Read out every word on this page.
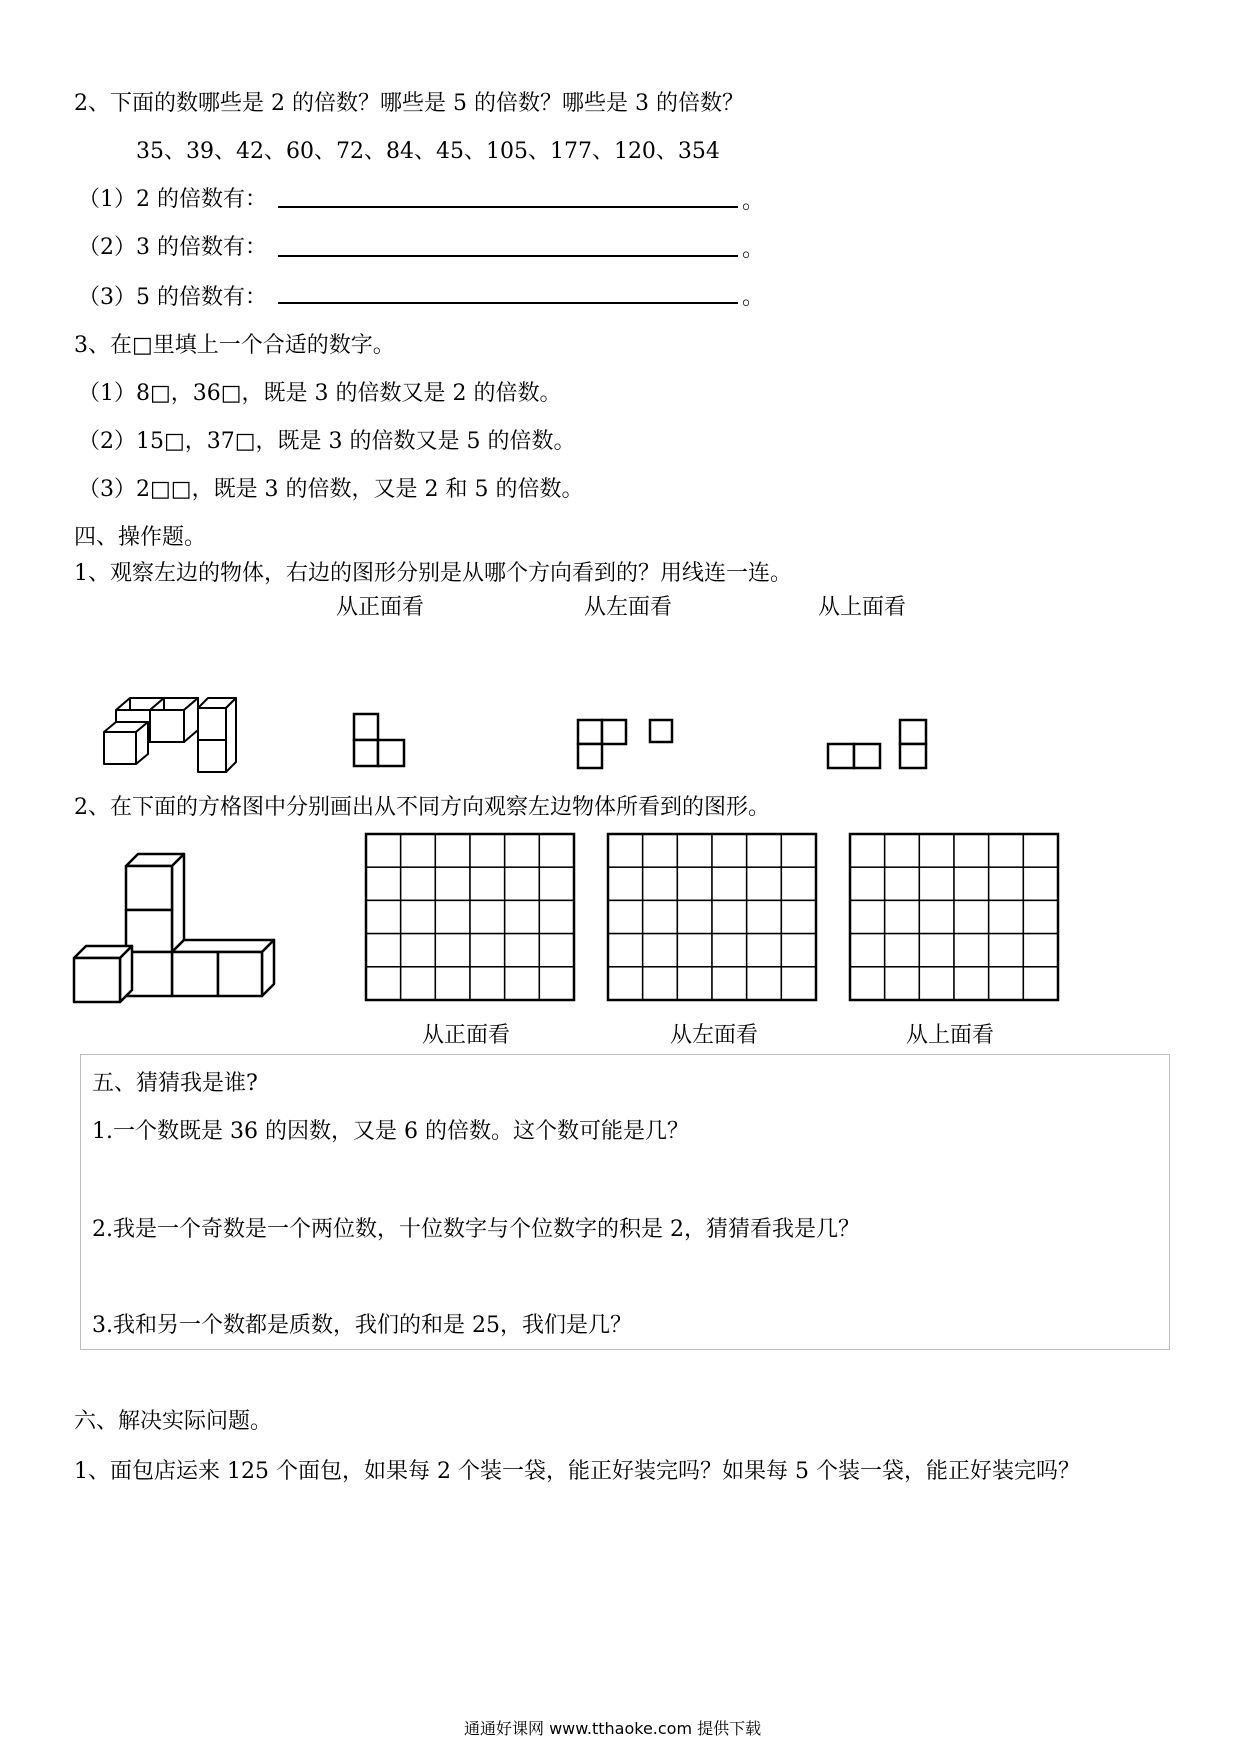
2、下面的数哪些是 2 的倍数？哪些是 5 的倍数？哪些是 3 的倍数？
35、39、42、60、72、84、45、105、177、120、354
（1）2 的倍数有：	。
（2）3 的倍数有：	。
（3）5 的倍数有：	。
3、在□里填上一个合适的数字。
（1）8□，36□，既是 3 的倍数又是 2 的倍数。
（2）15□，37□，既是 3 的倍数又是 5 的倍数。
（3）2□□，既是 3 的倍数，又是 2 和 5 的倍数。
四、操作题。
1、观察左边的物体，右边的图形分别是从哪个方向看到的？用线连一连。
从正面看	从左面看	从上面看
2、在下面的方格图中分别画出从不同方向观察左边物体所看到的图形。
从正面看	从左面看	从上面看
五、猜猜我是谁?
1.一个数既是 36 的因数，又是 6 的倍数。这个数可能是几？
2.我是一个奇数是一个两位数，十位数字与个位数字的积是 2，猜猜看我是几？
3.我和另一个数都是质数，我们的和是 25，我们是几？
六、解决实际问题。
1、面包店运来 125 个面包，如果每 2 个装一袋，能正好装完吗？如果每 5 个装一袋，能正好装完吗？
通通好课网 www.tthaoke.com 提供下载
